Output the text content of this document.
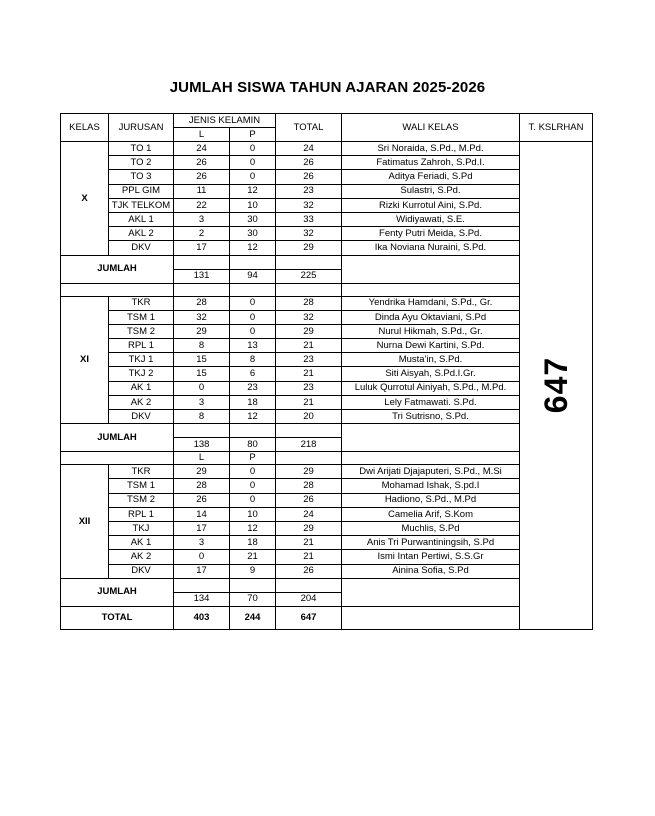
JUMLAH SISWA TAHUN AJARAN 2025-2026
KELAS	JURUSAN	JENIS KELAMIN		TOTAL	WALI KELAS	T. KSLRHAN	
		L	P				
X	TO 1	24	0	24	Sri Noraida, S.Pd., M.Pd.	647	
	TO 2	26	0	26	Fatimatus Zahroh, S.Pd.I.		
	TO 3	26	0	26	Aditya Feriadi, S.Pd		
	PPL GIM	11	12	23	Sulastri, S.Pd.		
	TJK TELKOM	22	10	32	Rizki Kurrotul Aini, S.Pd.		
	AKL 1	3	30	33	Widiyawati, S.E.		
	AKL 2	2	30	32	Fenty Putri Meida, S.Pd.		
	DKV	17	12	29	Ika Noviana Nuraini, S.Pd.		
JUMLAH							
		131	94	225			

XI	TKR	28	0	28	Yendrika Hamdani, S.Pd., Gr.		
	TSM 1	32	0	32	Dinda Ayu Oktaviani, S.Pd		
	TSM 2	29	0	29	Nurul Hikmah, S.Pd., Gr.		
	RPL 1	8	13	21	Nurna Dewi Kartini, S.Pd.		
	TKJ 1	15	8	23	Musta'in, S.Pd.		
	TKJ 2	15	6	21	Siti Aisyah, S.Pd.I.Gr.		
	AK 1	0	23	23	Luluk Qurrotul Ainiyah, S.Pd., M.Pd.		
	AK 2	3	18	21	Lely Fatmawati. S.Pd.		
	DKV	8	12	20	Tri Sutrisno, S.Pd.		
JUMLAH							
		138	80	218			
		L	P				
XII	TKR	29	0	29	Dwi Arijati Djajaputeri, S.Pd., M.Si		
	TSM 1	28	0	28	Mohamad Ishak, S.pd.I		
	TSM 2	26	0	26	Hadiono, S.Pd., M.Pd		
	RPL 1	14	10	24	Camelia Arif, S.Kom		
	TKJ	17	12	29	Muchlis, S.Pd		
	AK 1	3	18	21	Anis Tri Purwantiningsih, S.Pd		
	AK 2	0	21	21	Ismi Intan Pertiwi, S.S.Gr		
	DKV	17	9	26	Ainina Sofia, S.Pd		
JUMLAH							
		134	70	204			
TOTAL		403	244	647			
